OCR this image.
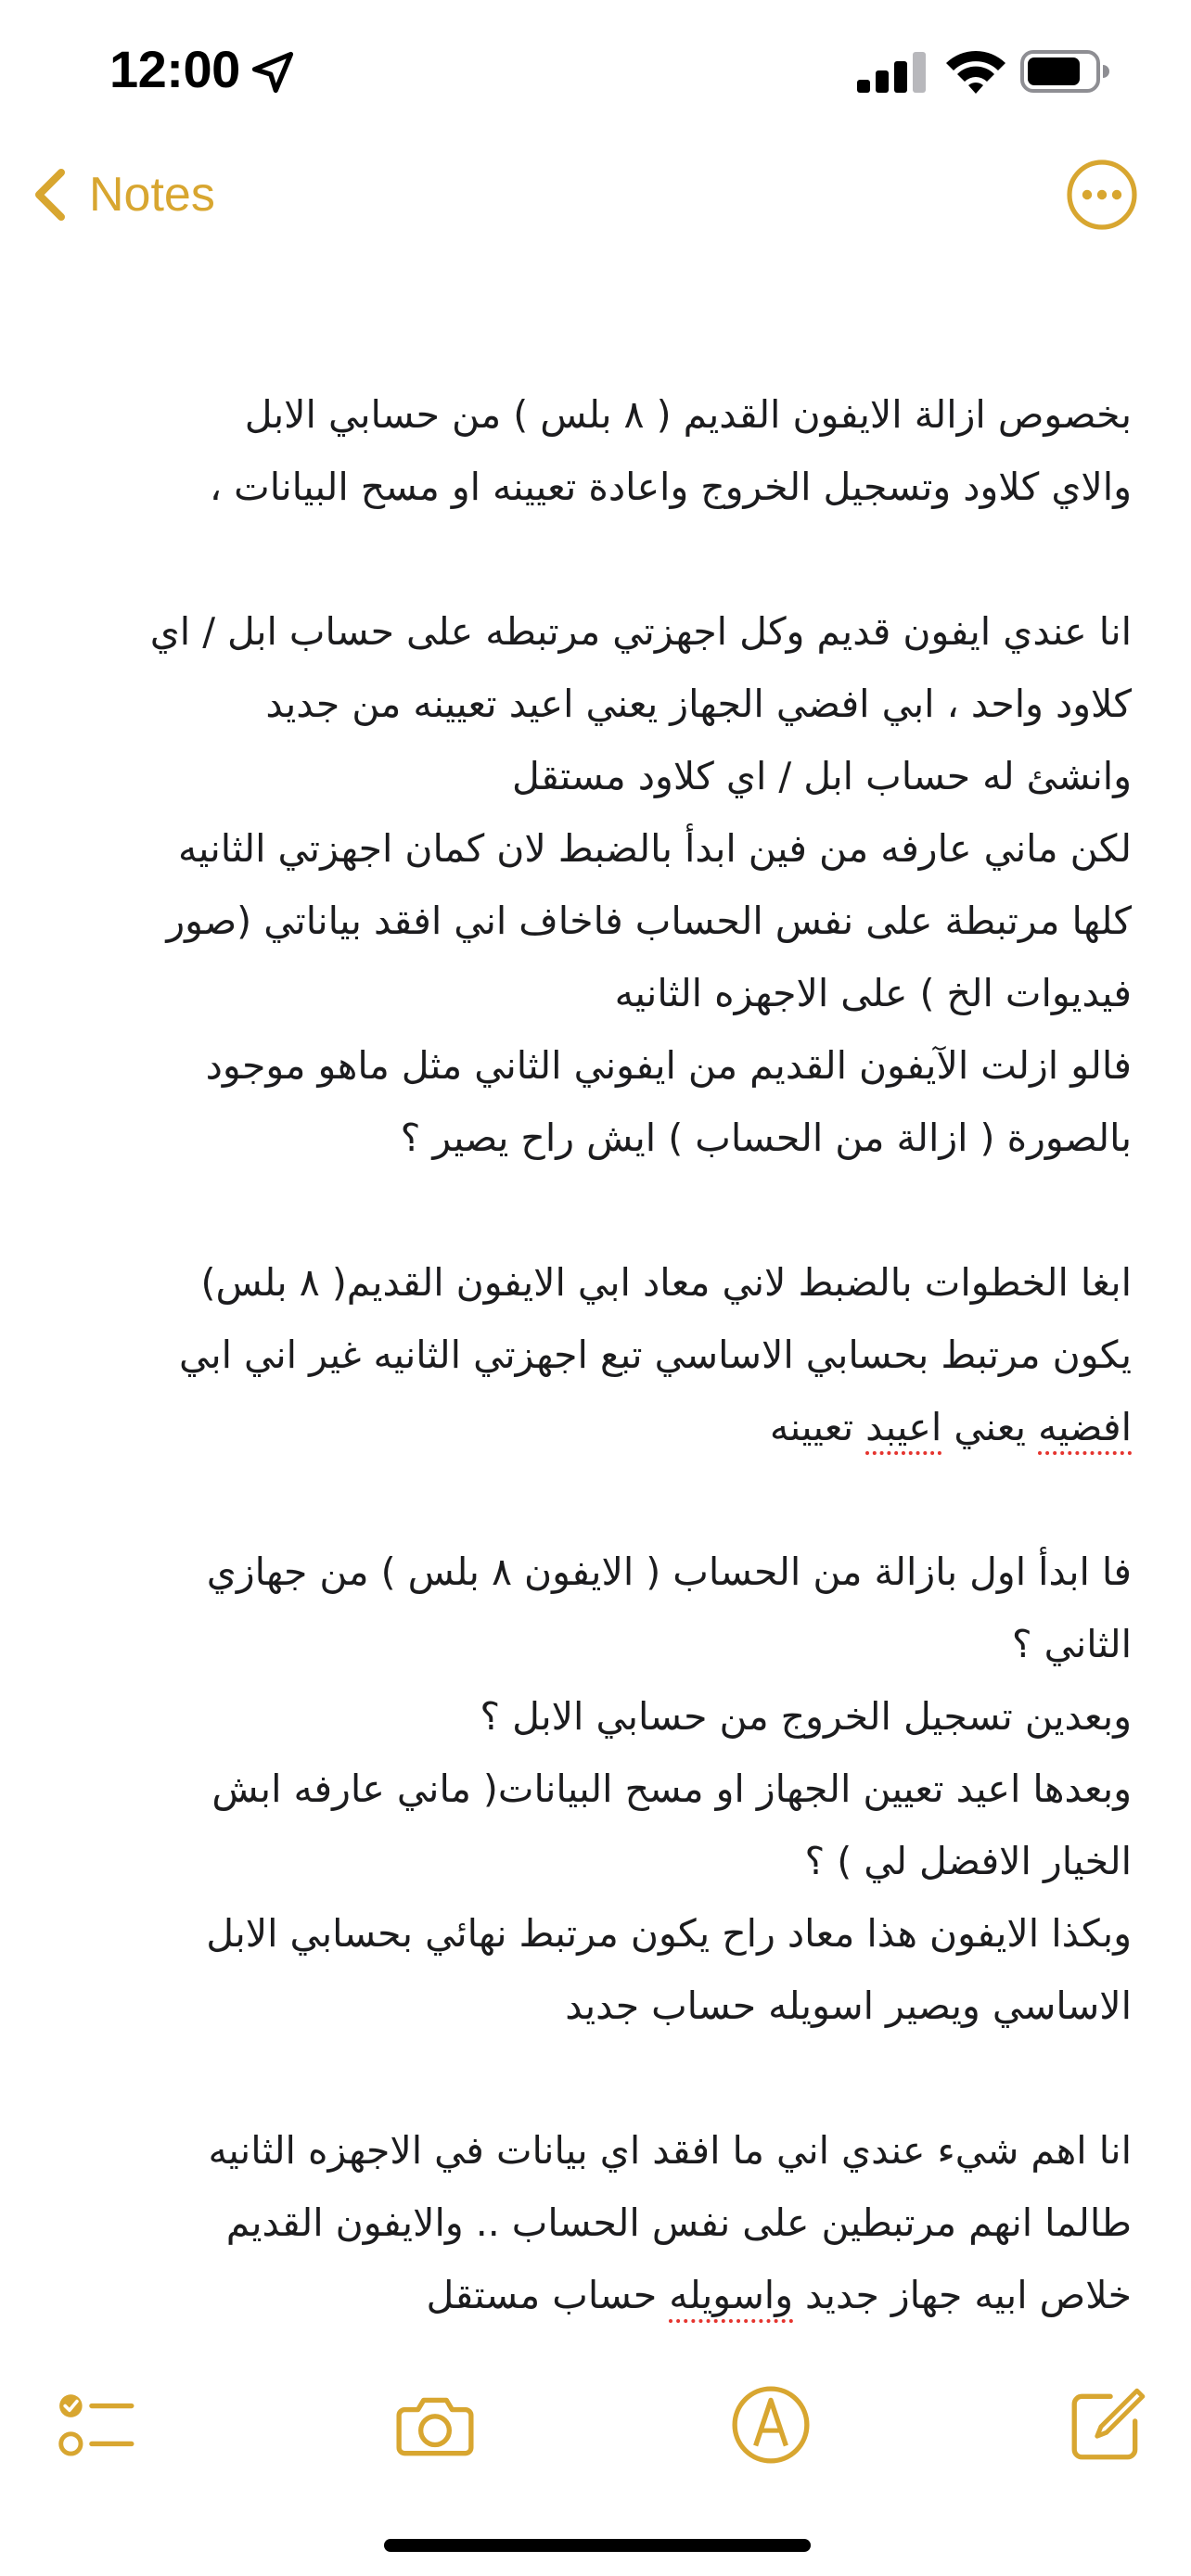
12:00
Notes
بخصوص ازالة الايفون القديم ( ٨ بلس ) من حسابي الابل
والاي كلاود وتسجيل الخروج واعادة تعيينه او مسح البيانات ،
انا عندي ايفون قديم وكل اجهزتي مرتبطه على حساب ابل / اي
كلاود واحد ، ابي افضي الجهاز يعني اعيد تعيينه من جديد
وانشئ له حساب ابل / اي كلاود مستقل
لكن ماني عارفه من فين ابدأ بالضبط لان كمان اجهزتي الثانيه
كلها مرتبطة على نفس الحساب فاخاف اني افقد بياناتي (صور
فيديوات الخ ) على الاجهزه الثانيه
فالو ازلت الآيفون القديم من ايفوني الثاني مثل ماهو موجود
بالصورة ( ازالة من الحساب ) ايش راح يصير ؟
ابغا الخطوات بالضبط لاني معاد ابي الايفون القديم( ٨ بلس)
يكون مرتبط بحسابي الاساسي تبع اجهزتي الثانيه غير اني ابي
افضيه يعني اعيبد تعيينه
فا ابدأ اول بازالة من الحساب ( الايفون ٨ بلس ) من جهازي
الثاني ؟
وبعدين تسجيل الخروج من حسابي الابل ؟
وبعدها اعيد تعيين الجهاز او مسح البيانات( ماني عارفه ابش
الخيار الافضل لي ) ؟
وبكذا الايفون هذا معاد راح يكون مرتبط نهائي بحسابي الابل
الاساسي ويصير اسويله حساب جديد
انا اهم شيء عندي اني ما افقد اي بيانات في الاجهزه الثانيه
طالما انهم مرتبطين على نفس الحساب .. والايفون القديم
خلاص ابيه جهاز جديد واسويله حساب مستقل
